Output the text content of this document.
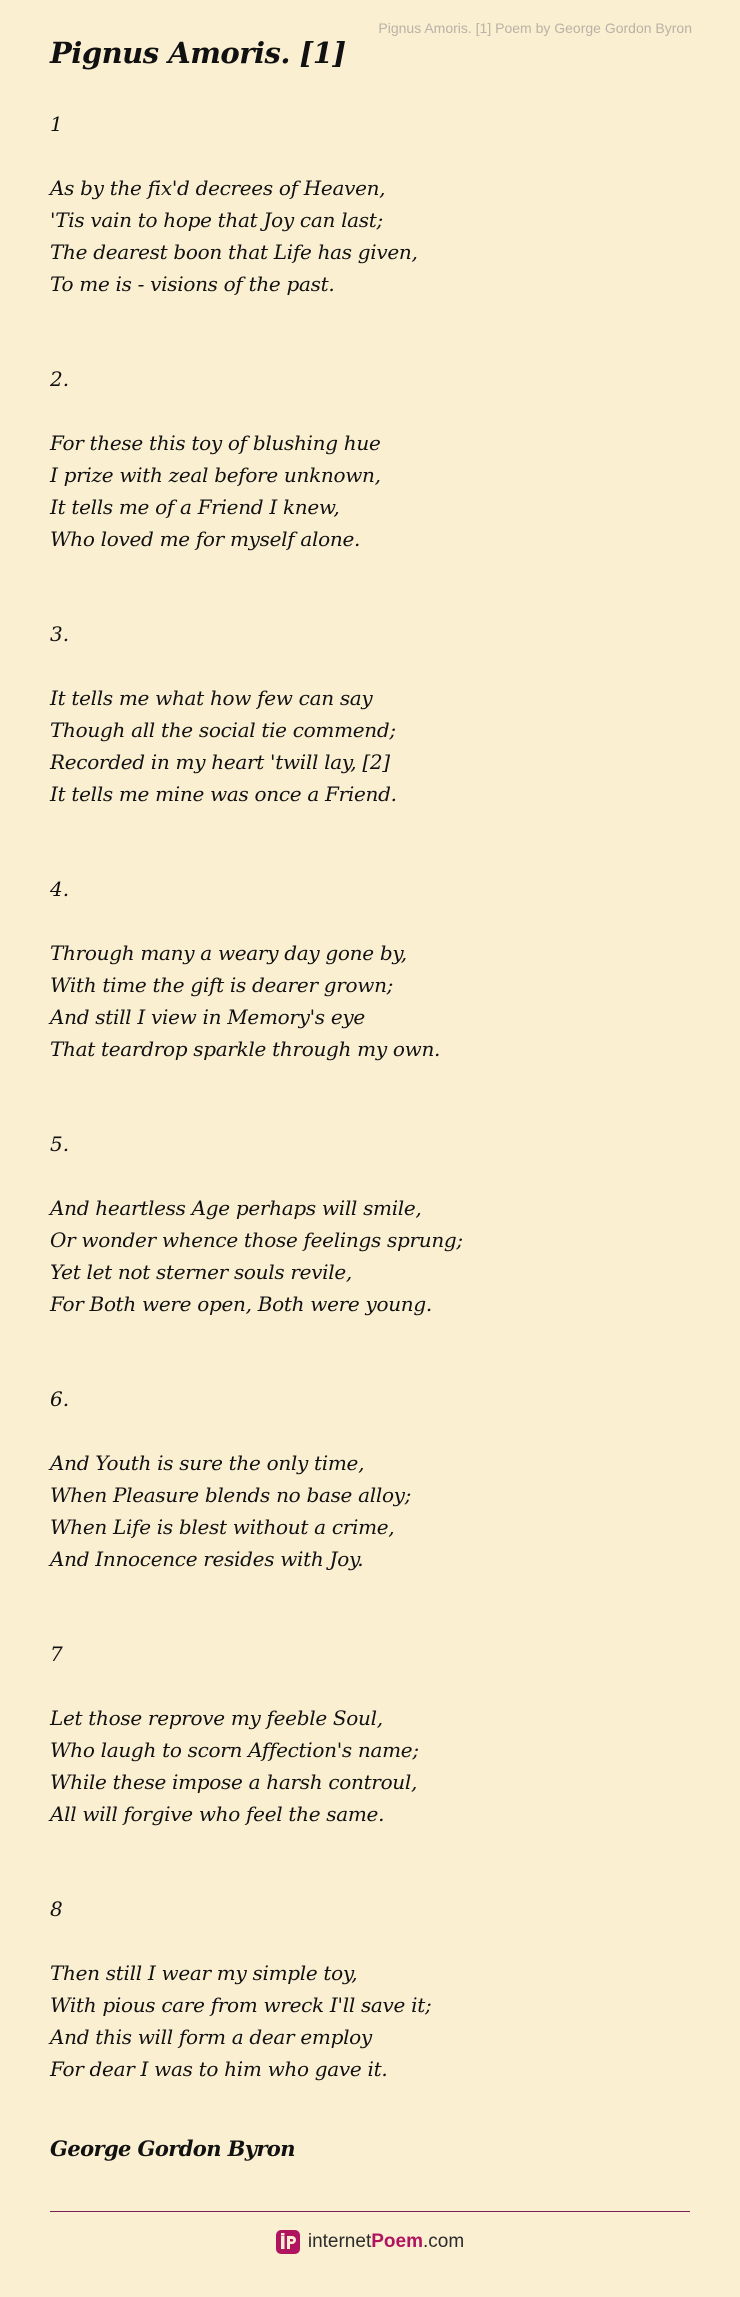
Pignus Amoris. [1] Poem by George Gordon Byron
Pignus Amoris. [1]
1
As by the fix'd decrees of Heaven,
'Tis vain to hope that Joy can last;
The dearest boon that Life has given,
To me is - visions of the past.
2.
For these this toy of blushing hue
I prize with zeal before unknown,
It tells me of a Friend I knew,
Who loved me for myself alone.
3.
It tells me what how few can say
Though all the social tie commend;
Recorded in my heart 'twill lay, [2]
It tells me mine was once a Friend.
4.
Through many a weary day gone by,
With time the gift is dearer grown;
And still I view in Memory's eye
That teardrop sparkle through my own.
5.
And heartless Age perhaps will smile,
Or wonder whence those feelings sprung;
Yet let not sterner souls revile,
For Both were open, Both were young.
6.
And Youth is sure the only time,
When Pleasure blends no base alloy;
When Life is blest without a crime,
And Innocence resides with Joy.
7
Let those reprove my feeble Soul,
Who laugh to scorn Affection's name;
While these impose a harsh controul,
All will forgive who feel the same.
8
Then still I wear my simple toy,
With pious care from wreck I'll save it;
And this will form a dear employ
For dear I was to him who gave it.
George Gordon Byron
internetPoem.com
